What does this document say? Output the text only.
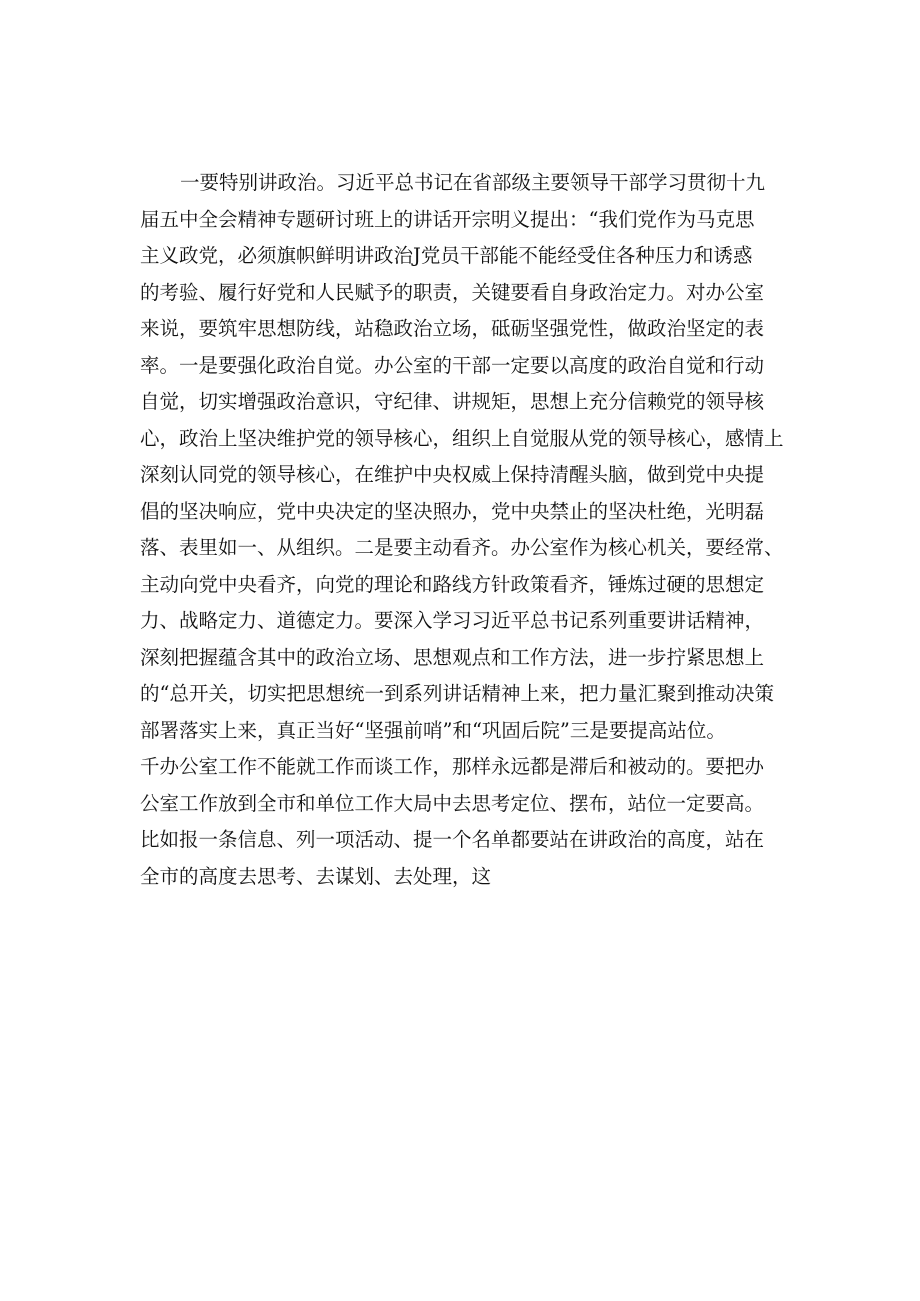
一要特别讲政治。习近平总书记在省部级主要领导干部学习贯彻十九
届五中全会精神专题研讨班上的讲话开宗明义提出：“我们党作为马克思
主义政党，必须旗帜鲜明讲政治J党员干部能不能经受住各种压力和诱惑
的考验、履行好党和人民赋予的职责，关键要看自身政治定力。对办公室
来说，要筑牢思想防线，站稳政治立场，砥砺坚强党性，做政治坚定的表
率。一是要强化政治自觉。办公室的干部一定要以高度的政治自觉和行动
自觉，切实增强政治意识，守纪律、讲规矩，思想上充分信赖党的领导核
心，政治上坚决维护党的领导核心，组织上自觉服从党的领导核心，感情上
深刻认同党的领导核心，在维护中央权威上保持清醒头脑，做到党中央提
倡的坚决响应，党中央决定的坚决照办，党中央禁止的坚决杜绝，光明磊
落、表里如一、从组织。二是要主动看齐。办公室作为核心机关，要经常、
主动向党中央看齐，向党的理论和路线方针政策看齐，锤炼过硬的思想定
力、战略定力、道德定力。要深入学习习近平总书记系列重要讲话精神，
深刻把握蕴含其中的政治立场、思想观点和工作方法，进一步拧紧思想上
的“总开关，切实把思想统一到系列讲话精神上来，把力量汇聚到推动决策
部署落实上来，真正当好“坚强前哨”和“巩固后院”三是要提高站位。
千办公室工作不能就工作而谈工作，那样永远都是滞后和被动的。要把办
公室工作放到全市和单位工作大局中去思考定位、摆布，站位一定要高。
比如报一条信息、列一项活动、提一个名单都要站在讲政治的高度，站在
全市的高度去思考、去谋划、去处理，这
